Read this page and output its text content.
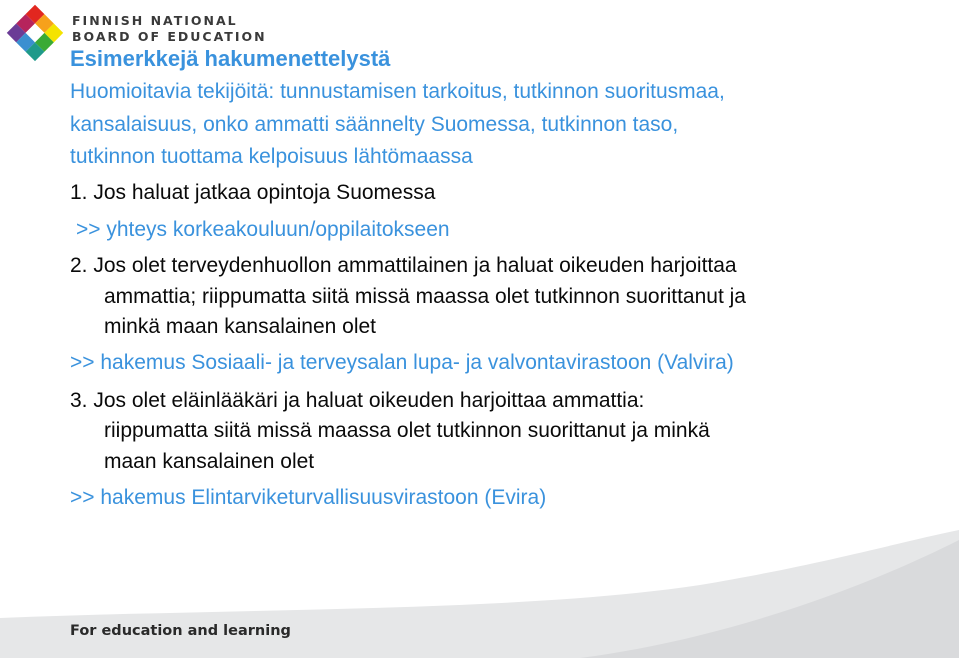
FINNISH NATIONAL
BOARD OF EDUCATION
Esimerkkejä hakumenettelystä
Huomioitavia tekijöitä: tunnustamisen tarkoitus, tutkinnon suoritusmaa,
kansalaisuus, onko ammatti säännelty Suomessa, tutkinnon taso,
tutkinnon tuottama kelpoisuus lähtömaassa
1. Jos haluat jatkaa opintoja Suomessa
>> yhteys korkeakouluun/oppilaitokseen
2. Jos olet terveydenhuollon ammattilainen ja haluat oikeuden harjoittaa
ammattia; riippumatta siitä missä maassa olet tutkinnon suorittanut ja
minkä maan kansalainen olet
>> hakemus Sosiaali- ja terveysalan lupa- ja valvontavirastoon (Valvira)
3. Jos olet eläinlääkäri ja haluat oikeuden harjoittaa ammattia:
riippumatta siitä missä maassa olet tutkinnon suorittanut ja minkä
maan kansalainen olet
>> hakemus Elintarviketurvallisuusvirastoon (Evira)
For education and learning
